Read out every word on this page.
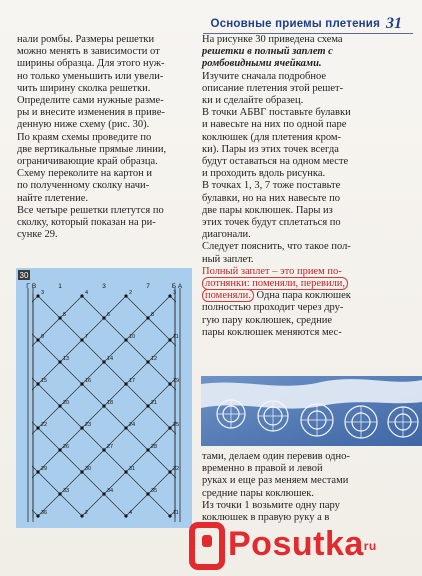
Основные приемы плетения 31

нали ромбы. Размеры решетки

можно менять в зависимости от

ширины образца. Для этого нуж-

но только уменьшить или увели-

чить ширину сколка решетки.

Определите сами нужные разме-

ры и внесите изменения в приве-

денную ниже схему (рис. 30).

По краям схемы проведите по

две вертикальные прямые линии,

ограничивающие край образца.

Схему переколите на картон и

по полученному сколку начи-

найте плетение.

Все четыре решетки плетутся по

сколку, который показан на ри-

сунке 29.

30
Г В	1	3	7	Б А
3	4	2	3
5	6	8
9	7	10	11
13	14	12
15	16	17	19
20	18	21
22	23	24	25
26	27	28
29	30	31	32
33	34	35
36	2	4	11

На рисунке 30 приведена схема

решетки в полный заплет с

ромбовидными ячейками.

Изучите сначала подробное

описание плетения этой решет-

ки и сделайте образец.

В точки АБВГ поставьте булавки

и навесьте на них по одной паре

коклюшек (для плетения кром-

ки). Пары из этих точек всегда

будут оставаться на одном месте

и проходить вдоль рисунка.

В точках 1, 3, 7 тоже поставьте

булавки, но на них навесьте по

две пары коклюшек. Пары из

этих точек будут сплетаться по

диагонали.

Следует пояснить, что такое пол-

ный заплет.

Полный заплет – это прием по-

лотнянки: поменяли, перевили,

поменяли. Одна пара коклюшек

полностью проходит через дру-

гую пару коклюшек, средние

пары коклюшек меняются мес-

тами, делаем один перевив одно-

временно в правой и левой

руках и еще раз меняем местами

средние пары коклюшек.

Из точки 1 возьмите одну пару

коклюшек в правую руку а в

Posutkaru
